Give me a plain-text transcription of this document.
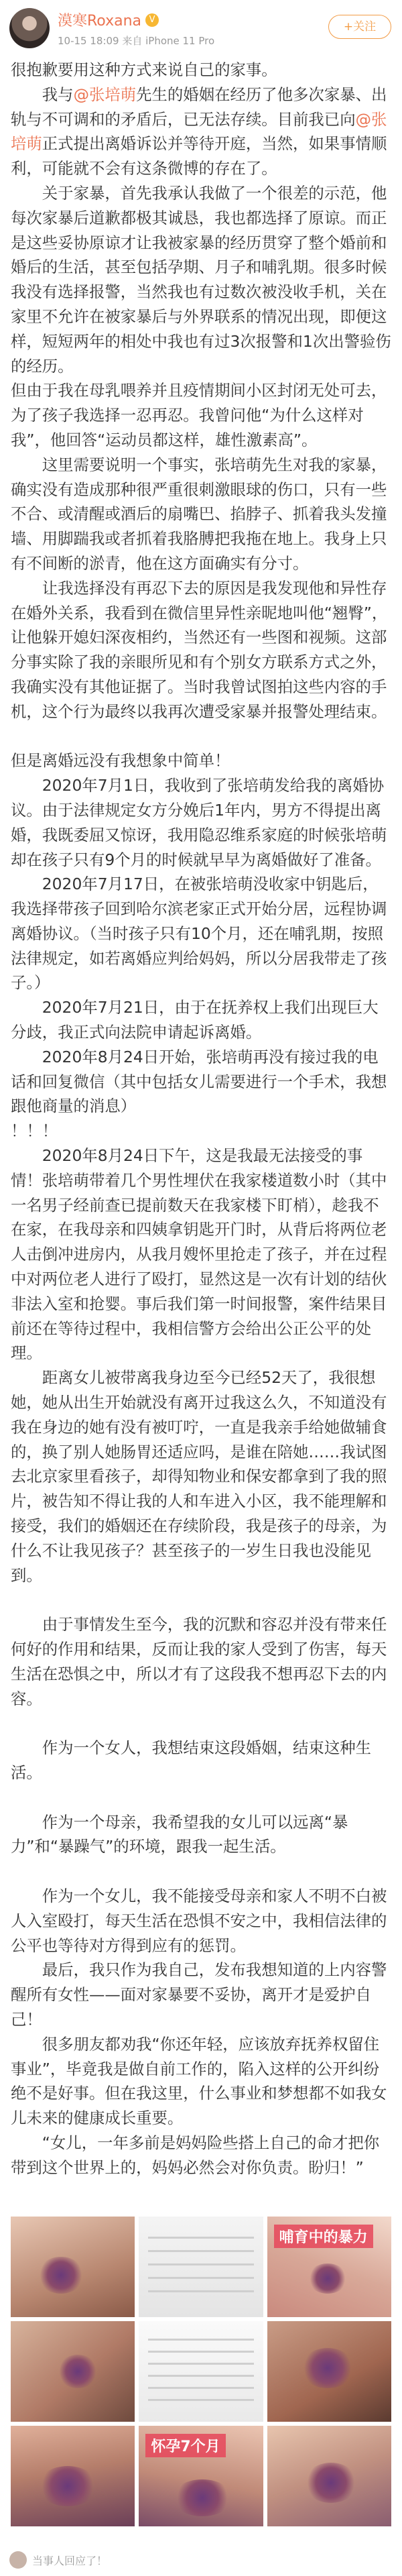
漠寒Roxana V
10-15 18:09 来自 iPhone 11 Pro
+关注

很抱歉要用这种方式来说自己的家事。

我与@张培萌先生的婚姻在经历了他多次家暴、出轨与不可调和的矛盾后，已无法存续。目前我已向@张培萌正式提出离婚诉讼并等待开庭，当然，如果事情顺利，可能就不会有这条微博的存在了。

关于家暴，首先我承认我做了一个很差的示范，他每次家暴后道歉都极其诚恳，我也都选择了原谅。而正是这些妥协原谅才让我被家暴的经历贯穿了整个婚前和婚后的生活，甚至包括孕期、月子和哺乳期。很多时候我没有选择报警，当然我也有过数次被没收手机，关在家里不允许在被家暴后与外界联系的情况出现，即便这样，短短两年的相处中我也有过3次报警和1次出警验伤的经历。

但由于我在母乳喂养并且疫情期间小区封闭无处可去，为了孩子我选择一忍再忍。我曾问他“为什么这样对我”，他回答“运动员都这样，雄性激素高”。

这里需要说明一个事实，张培萌先生对我的家暴，确实没有造成那种很严重很刺激眼球的伤口，只有一些不合、或清醒或酒后的扇嘴巴、掐脖子、抓着我头发撞墙、用脚踹我或者抓着我胳膊把我拖在地上。我身上只有不间断的淤青，他在这方面确实有分寸。

让我选择没有再忍下去的原因是我发现他和异性存在婚外关系，我看到在微信里异性亲昵地叫他“翘臀”，让他躲开媳妇深夜相约，当然还有一些图和视频。这部分事实除了我的亲眼所见和有个别女方联系方式之外，我确实没有其他证据了。当时我曾试图拍这些内容的手机，这个行为最终以我再次遭受家暴并报警处理结束。

但是离婚远没有我想象中简单！

2020年7月1日，我收到了张培萌发给我的离婚协议。由于法律规定女方分娩后1年内，男方不得提出离婚，我既委屈又惊讶，我用隐忍维系家庭的时候张培萌却在孩子只有9个月的时候就早早为离婚做好了准备。

2020年7月17日，在被张培萌没收家中钥匙后，我选择带孩子回到哈尔滨老家正式开始分居，远程协调离婚协议。（当时孩子只有10个月，还在哺乳期，按照法律规定，如若离婚应判给妈妈，所以分居我带走了孩子。）

2020年7月21日，由于在抚养权上我们出现巨大分歧，我正式向法院申请起诉离婚。

2020年8月24日开始，张培萌再没有接过我的电话和回复微信（其中包括女儿需要进行一个手术，我想跟他商量的消息）

！！！

2020年8月24日下午，这是我最无法接受的事情！张培萌带着几个男性埋伏在我家楼道数小时（其中一名男子经前查已提前数天在我家楼下盯梢），趁我不在家，在我母亲和四姨拿钥匙开门时，从背后将两位老人击倒冲进房内，从我月嫂怀里抢走了孩子，并在过程中对两位老人进行了殴打，显然这是一次有计划的结伙非法入室和抢婴。事后我们第一时间报警，案件结果目前还在等待过程中，我相信警方会给出公正公平的处理。

距离女儿被带离我身边至今已经52天了，我很想她，她从出生开始就没有离开过我这么久，不知道没有我在身边的她有没有被叮咛，一直是我亲手给她做辅食的，换了别人她肠胃还适应吗，是谁在陪她……我试图去北京家里看孩子，却得知物业和保安都拿到了我的照片，被告知不得让我的人和车进入小区，我不能理解和接受，我们的婚姻还在存续阶段，我是孩子的母亲，为什么不让我见孩子？甚至孩子的一岁生日我也没能见到。

由于事情发生至今，我的沉默和容忍并没有带来任何好的作用和结果，反而让我的家人受到了伤害，每天生活在恐惧之中，所以才有了这段我不想再忍下去的内容。

作为一个女人，我想结束这段婚姻，结束这种生活。

作为一个母亲，我希望我的女儿可以远离“暴力”和“暴躁气”的环境，跟我一起生活。

作为一个女儿，我不能接受母亲和家人不明不白被人入室殴打，每天生活在恐惧不安之中，我相信法律的公平也等待对方得到应有的惩罚。

最后，我只作为我自己，发布我想知道的上内容警醒所有女性——面对家暴要不妥协，离开才是爱护自己！

很多朋友都劝我“你还年轻，应该放弃抚养权留住事业”，毕竟我是做自前工作的，陷入这样的公开纠纷绝不是好事。但在我这里，什么事业和梦想都不如我女儿未来的健康成长重要。

“女儿，一年多前是妈妈险些搭上自己的命才把你带到这个世界上的，妈妈必然会对你负责。盼归！”

哺育中的暴力
怀孕7个月
当事人回应了！
